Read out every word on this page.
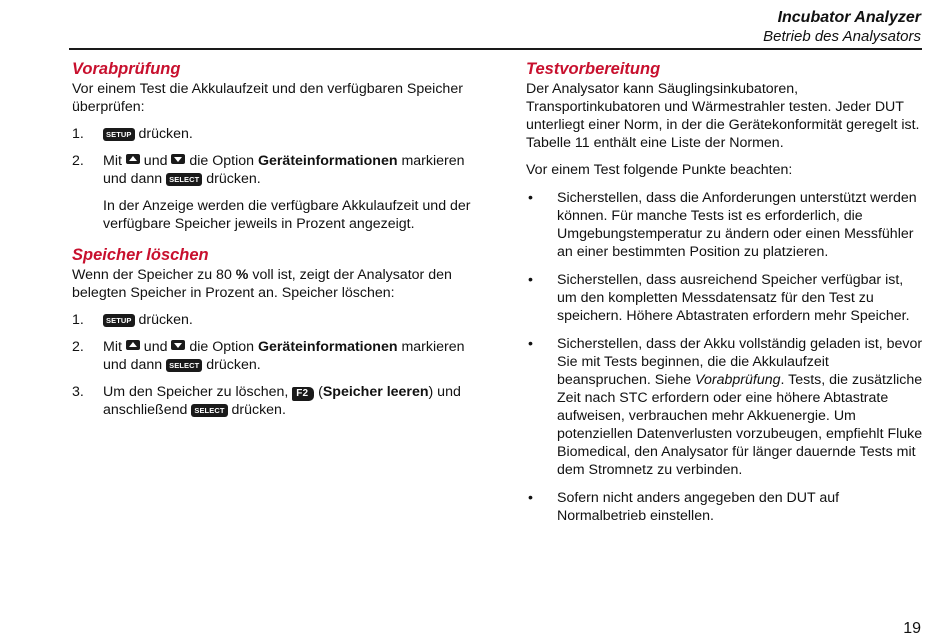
Incubator Analyzer
Betrieb des Analysators
Vorabprüfung

Vor einem Test die Akkulaufzeit und den verfügbaren Speicher überprüfen:

1.	SETUP drücken.
2. Mit
und
die Option Geräteinformationen markieren und dann SELECT drücken.

In der Anzeige werden die verfügbare Akkulaufzeit und der verfügbare Speicher jeweils in Prozent angezeigt.

Speicher löschen

Wenn der Speicher zu 80 % voll ist, zeigt der Analysator den belegten Speicher in Prozent an. Speicher löschen:

1.	SETUP drücken.
2. Mit
und
die Option Geräteinformationen markieren und dann SELECT drücken.
3. Um den Speicher zu löschen, F2 (Speicher leeren) und anschließend SELECT drücken.
Testvorbereitung

Der Analysator kann Säuglingsinkubatoren, Transportinkubatoren und Wärmestrahler testen. Jeder DUT unterliegt einer Norm, in der die Gerätekonformität geregelt ist. Tabelle 11 enthält eine Liste der Normen.

Vor einem Test folgende Punkte beachten:

• Sicherstellen, dass die Anforderungen unterstützt werden können. Für manche Tests ist es erforderlich, die Umgebungstemperatur zu ändern oder einen Messfühler an einer bestimmten Position zu platzieren.
• Sicherstellen, dass ausreichend Speicher verfügbar ist, um den kompletten Messdatensatz für den Test zu speichern. Höhere Abtastraten erfordern mehr Speicher.
• Sicherstellen, dass der Akku vollständig geladen ist, bevor Sie mit Tests beginnen, die die Akkulaufzeit beanspruchen. Siehe Vorabprüfung. Tests, die zusätzliche Zeit nach STC erfordern oder eine höhere Abtastrate aufweisen, verbrauchen mehr Akkuenergie. Um potenziellen Datenverlusten vorzubeugen, empfiehlt Fluke Biomedical, den Analysator für länger dauernde Tests mit dem Stromnetz zu verbinden.
• Sofern nicht anders angegeben den DUT auf Normalbetrieb einstellen.
19
